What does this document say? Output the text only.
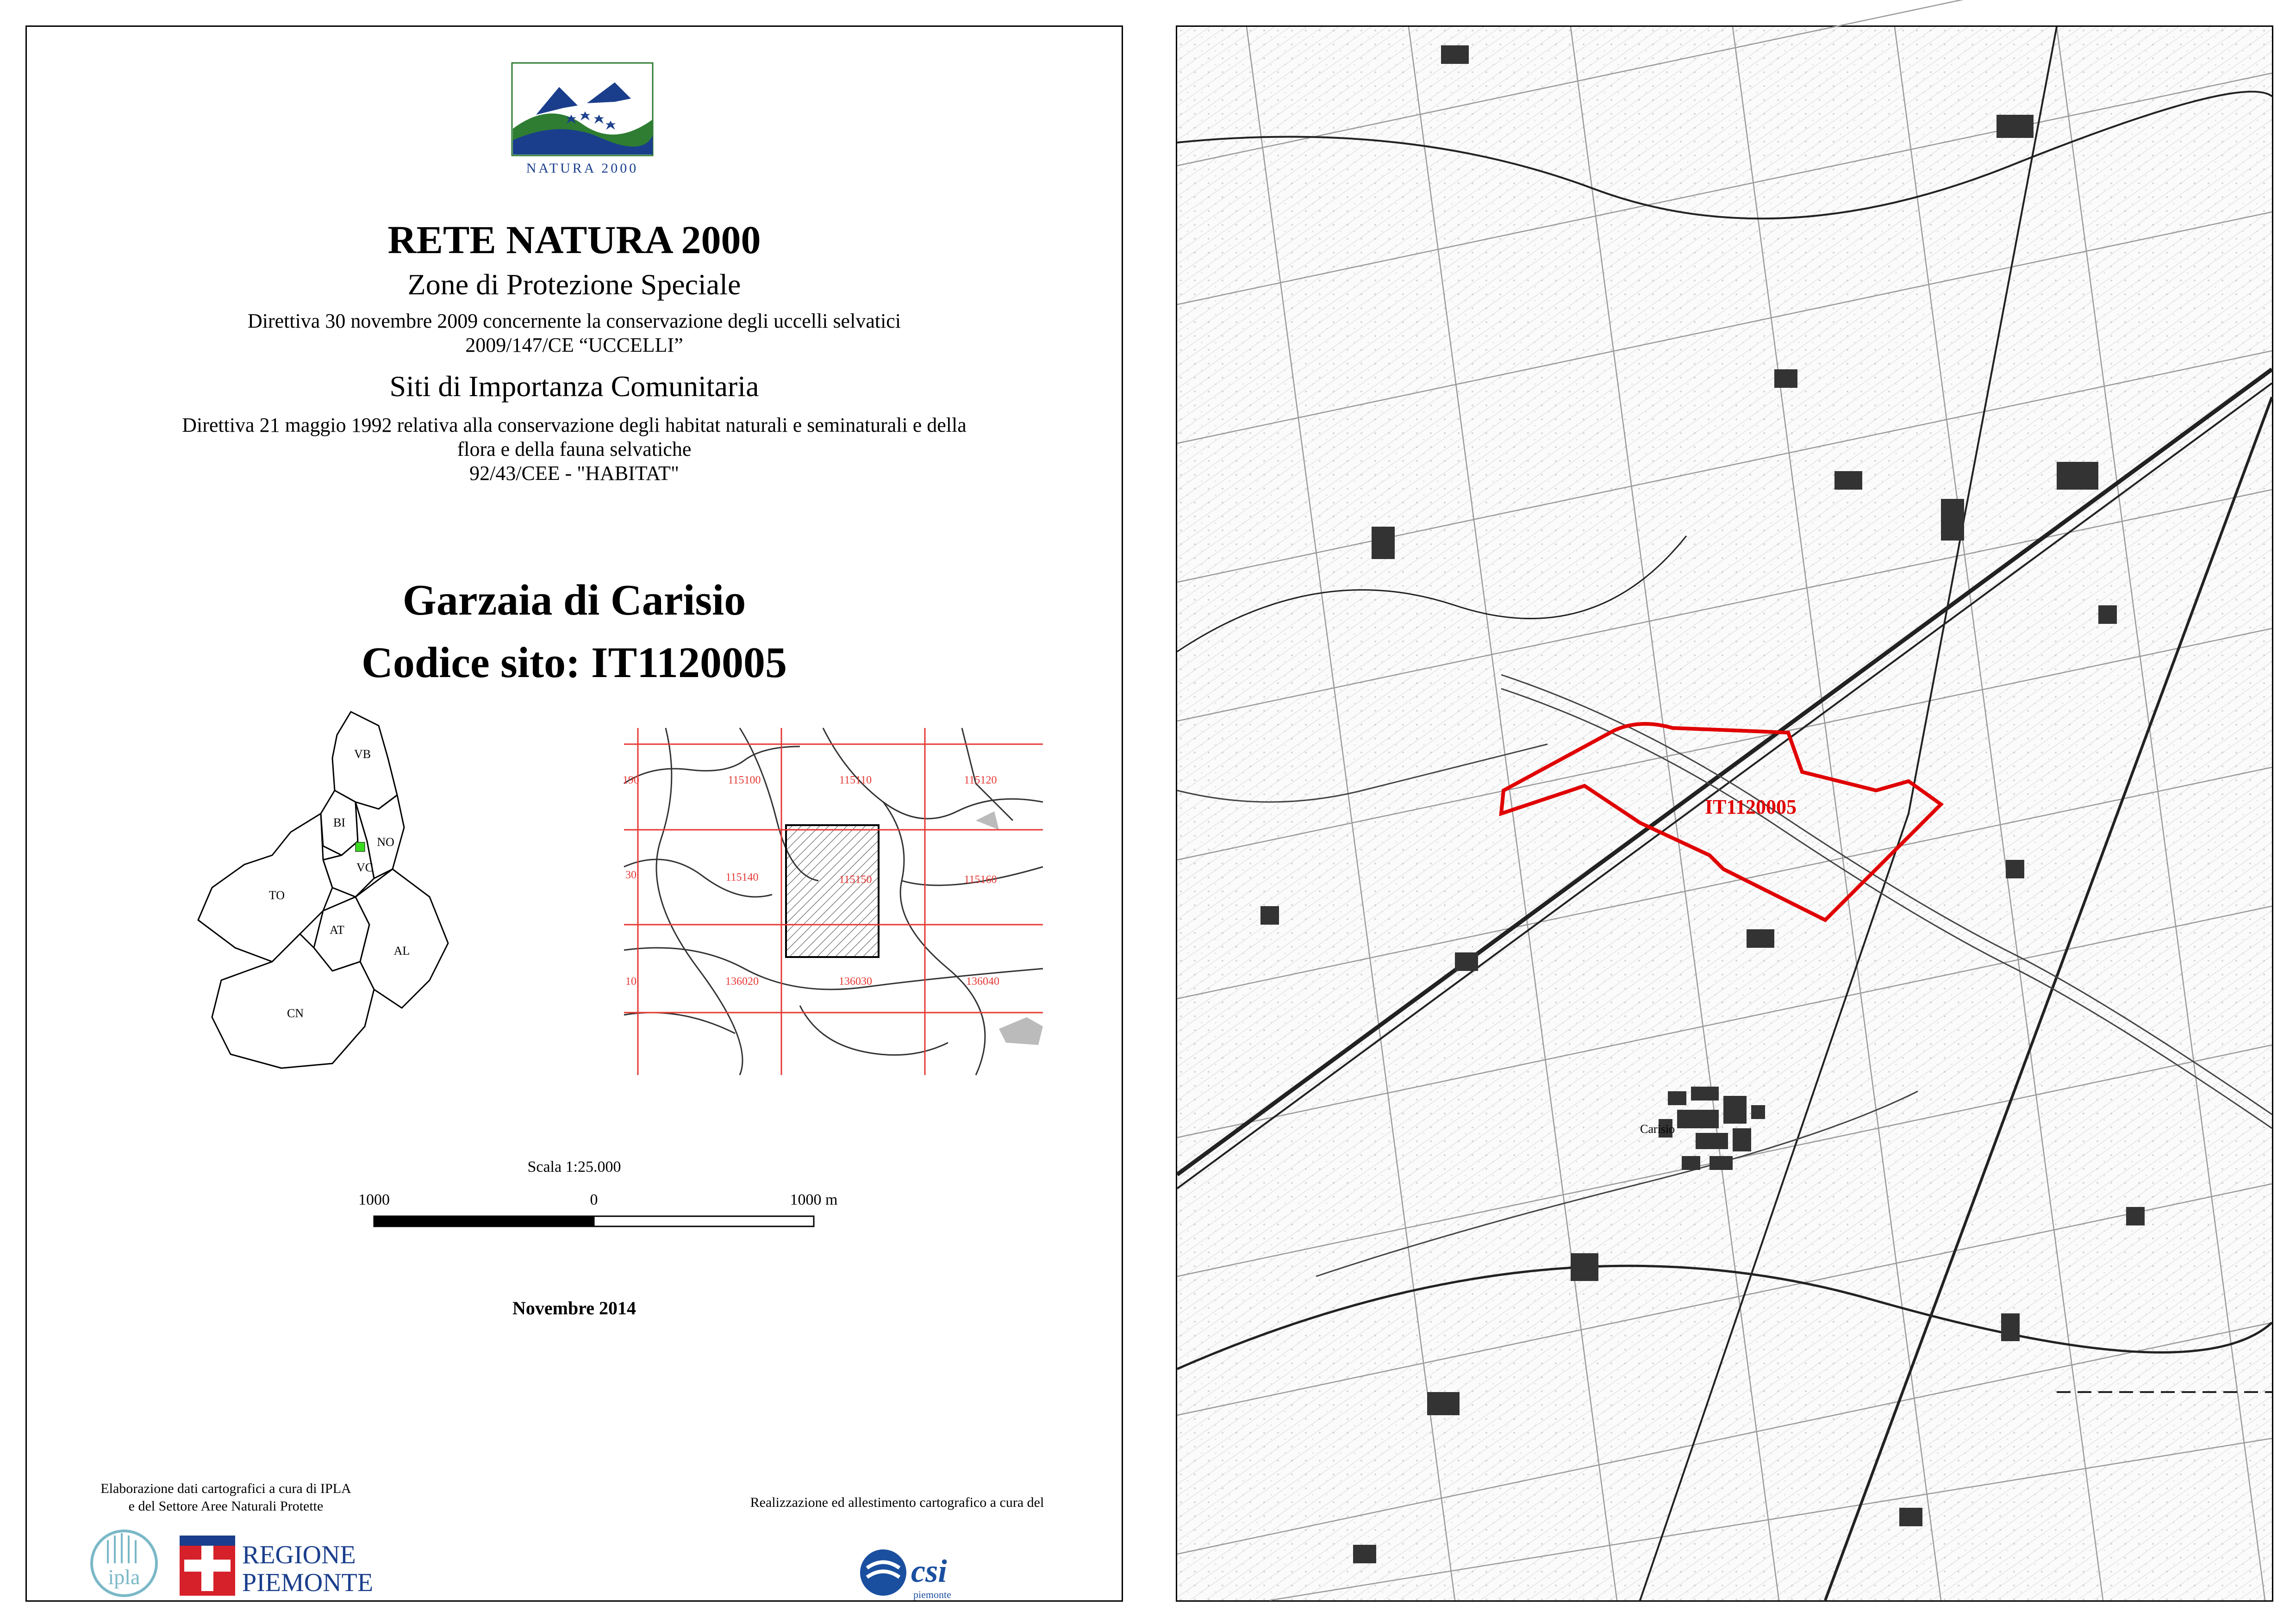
NATURA 2000
RETE NATURA 2000
Zone di Protezione Speciale
Direttiva 30 novembre 2009 concernente la conservazione degli uccelli selvatici
2009/147/CE “UCCELLI”
Siti di Importanza Comunitaria
Direttiva 21 maggio 1992 relativa alla conservazione degli habitat naturali e seminaturali e della
flora e della fauna selvatiche
92/43/CEE - "HABITAT"
Garzaia di Carisio
Codice sito: IT1120005
VB
BI
NO
VC
TO
AT
AL
CN
115100	115110	115120
115140	115150	115160
136020	136030	136040
190
30
10
Scala 1:25.000
1000	0	1000 m
Novembre 2014
Elaborazione dati cartografici a cura di IPLA
e del Settore Aree Naturali Protette	Realizzazione ed allestimento cartografico a cura del
ipla
REGIONE
PIEMONTE	csi
piemonte
Carisio
IT1120005
